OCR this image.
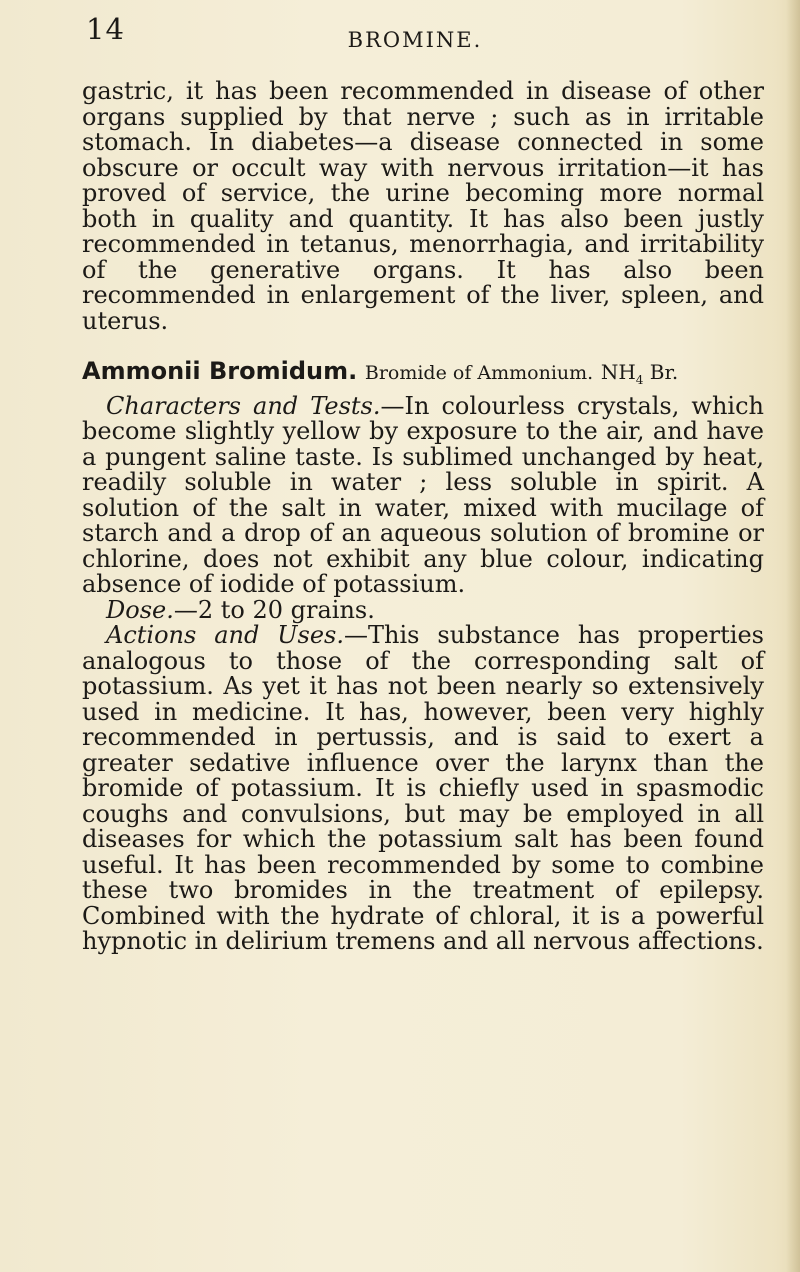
14	BROMINE.

gastric, it has been recommended in disease of other organs supplied by that nerve ; such as in irritable stomach. In diabetes—a disease connected in some obscure or occult way with nervous irritation—it has proved of service, the urine becoming more normal both in quality and quantity. It has also been justly recommended in tetanus, menorrhagia, and irritability of the generative organs. It has also been recommended in enlargement of the liver, spleen, and uterus.

Ammonii Bromidum. Bromide of Ammonium. $NH_4$ Br.

Characters and Tests.—In colourless crystals, which become slightly yellow by exposure to the air, and have a pungent saline taste. Is sublimed unchanged by heat, readily soluble in water ; less soluble in spirit. A solution of the salt in water, mixed with mucilage of starch and a drop of an aqueous solution of bromine or chlorine, does not exhibit any blue colour, indicating absence of iodide of potassium.

Dose.—2 to 20 grains.

Actions and Uses.—This substance has properties analogous to those of the corresponding salt of potassium. As yet it has not been nearly so extensively used in medicine. It has, however, been very highly recommended in pertussis, and is said to exert a greater sedative influence over the larynx than the bromide of potassium. It is chiefly used in spasmodic coughs and convulsions, but may be employed in all diseases for which the potassium salt has been found useful. It has been recommended by some to combine these two bromides in the treatment of epilepsy. Combined with the hydrate of chloral, it is a powerful hypnotic in delirium tremens and all nervous affections.
